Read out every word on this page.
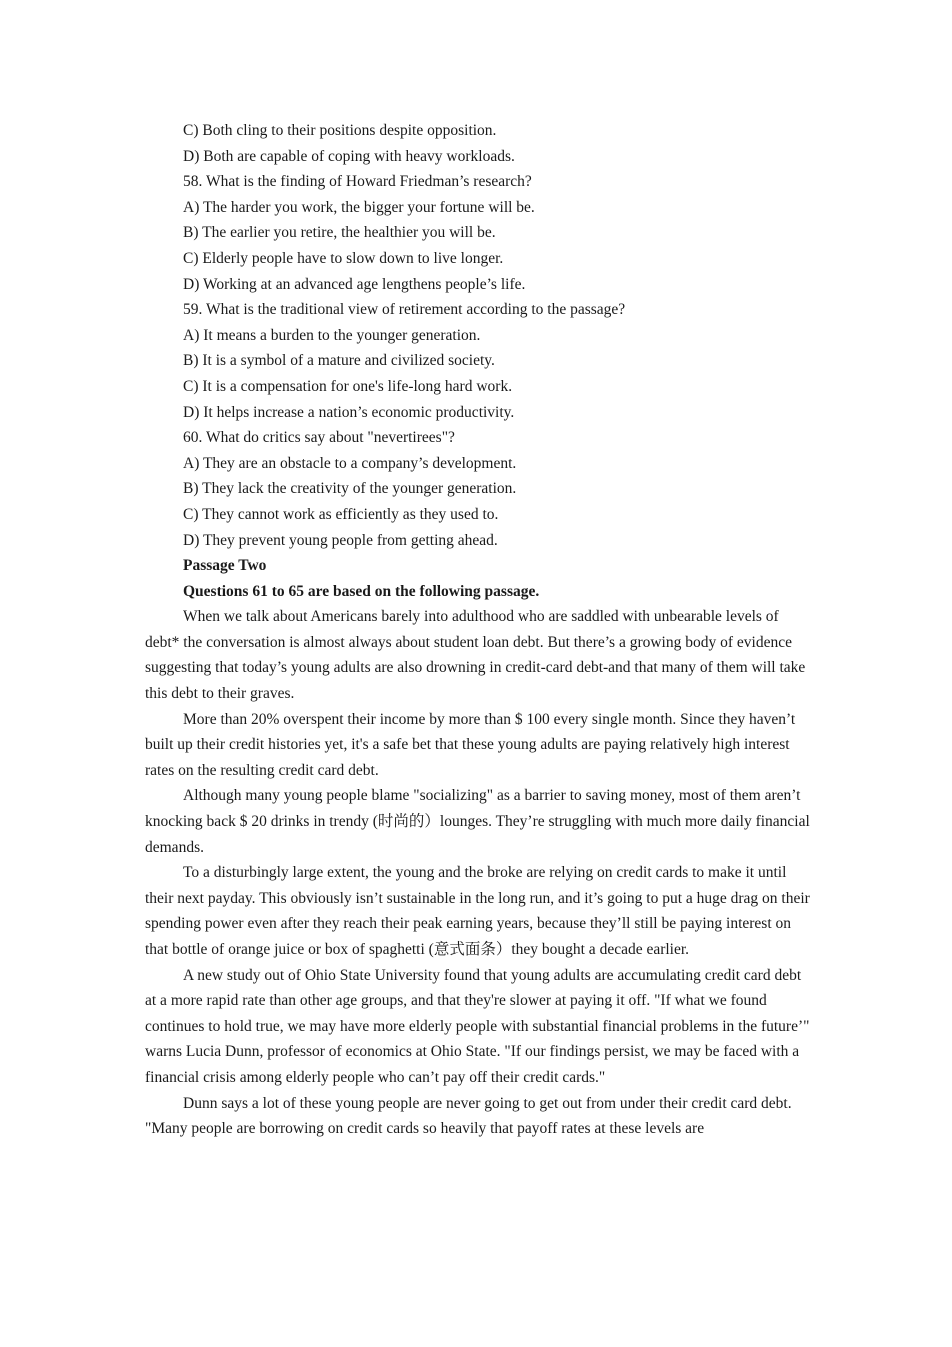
C) Both cling to their positions despite opposition.
D) Both are capable of coping with heavy workloads.
58. What is the finding of Howard Friedman’s research?
A) The harder you work, the bigger your fortune will be.
B) The earlier you retire, the healthier you will be.
C) Elderly people have to slow down to live longer.
D) Working at an advanced age lengthens people’s life.
59. What is the traditional view of retirement according to the passage?
A) It means a burden to the younger generation.
B) It is a symbol of a mature and civilized society.
C) It is a compensation for one's life-long hard work.
D) It helps increase a nation’s economic productivity.
60. What do critics say about "nevertirees"?
A) They are an obstacle to a company’s development.
B) They lack the creativity of the younger generation.
C) They cannot work as efficiently as they used to.
D) They prevent young people from getting ahead.
Passage Two
Questions 61 to 65 are based on the following passage.

When we talk about Americans barely into adulthood who are saddled with unbearable levels of debt* the conversation is almost always about student loan debt. But there’s a growing body of evidence suggesting that today’s young adults are also drowning in credit-card debt-and that many of them will take this debt to their graves.

More than 20% overspent their income by more than $ 100 every single month. Since they haven’t built up their credit histories yet, it's a safe bet that these young adults are paying relatively high interest rates on the resulting credit card debt.

Although many young people blame "socializing" as a barrier to saving money, most of them aren’t knocking back $ 20 drinks in trendy (时尚的）lounges. They’re struggling with much more daily financial demands.

To a disturbingly large extent, the young and the broke are relying on credit cards to make it until their next payday. This obviously isn’t sustainable in the long run, and it’s going to put a huge drag on their spending power even after they reach their peak earning years, because they’ll still be paying interest on that bottle of orange juice or box of spaghetti (意式面条）they bought a decade earlier.

A new study out of Ohio State University found that young adults are accumulating credit card debt at a more rapid rate than other age groups, and that they're slower at paying it off. "If what we found continues to hold true, we may have more elderly people with substantial financial problems in the future’" warns Lucia Dunn, professor of economics at Ohio State. "If our findings persist, we may be faced with a financial crisis among elderly people who can’t pay off their credit cards."

Dunn says a lot of these young people are never going to get out from under their credit card debt. "Many people are borrowing on credit cards so heavily that payoff rates at these levels are
